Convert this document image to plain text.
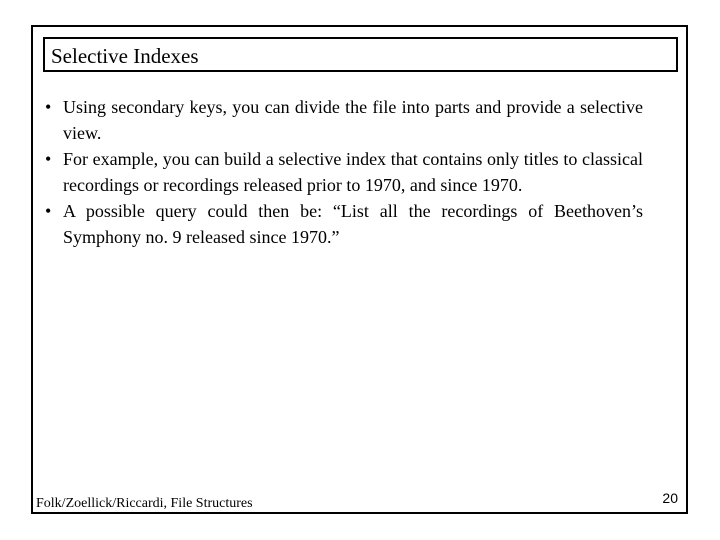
Selective Indexes
• Using secondary keys, you can divide the file into parts and provide a selective view.
• For example, you can build a selective index that contains only titles to classical recordings or recordings released prior to 1970, and since 1970.
• A possible query could then be: “List all the recordings of Beethoven’s Symphony no. 9 released since 1970.”
Folk/Zoellick/Riccardi, File Structures	20
